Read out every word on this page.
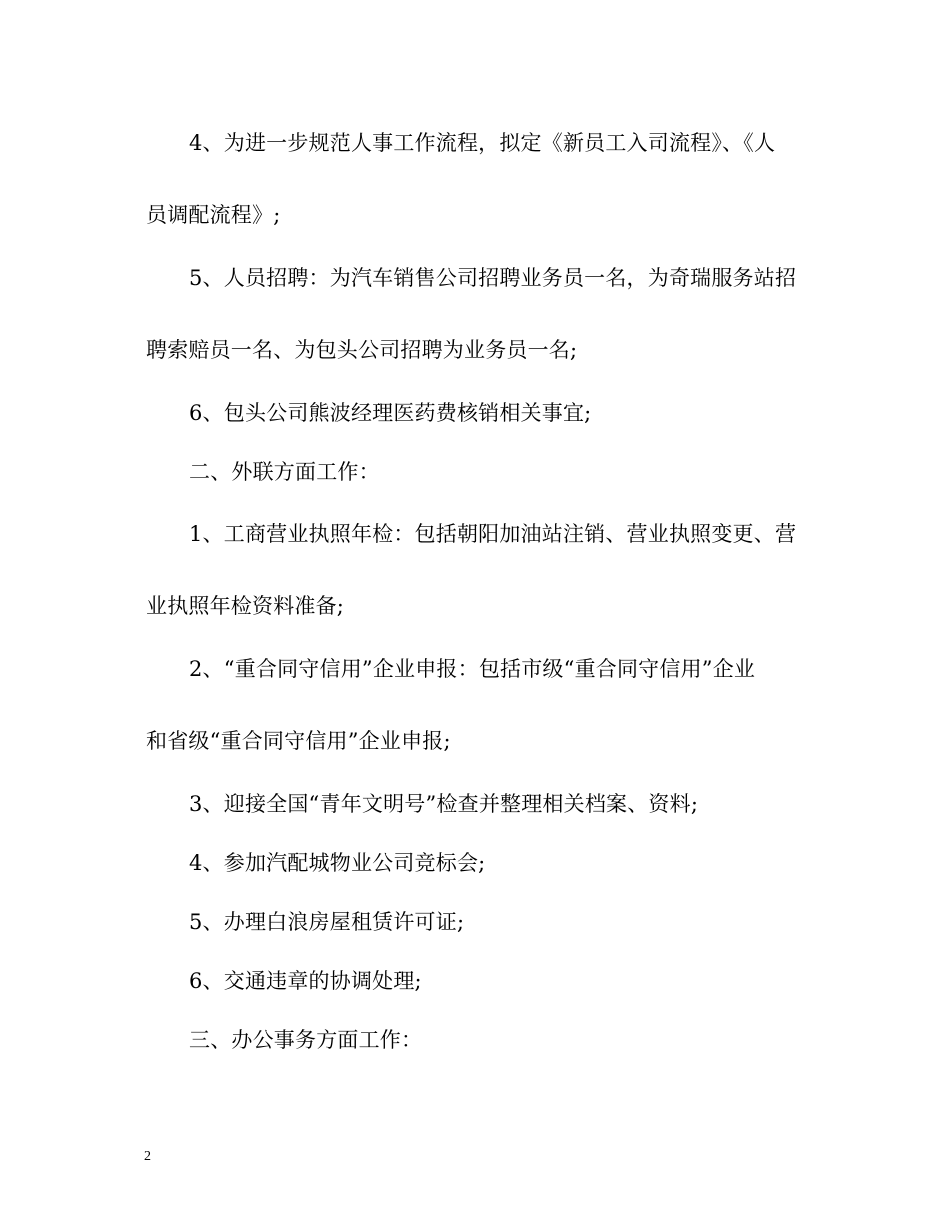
4、为进一步规范人事工作流程，拟定《新员工入司流程》、《人
员调配流程》;
5、人员招聘：为汽车销售公司招聘业务员一名，为奇瑞服务站招
聘索赔员一名、为包头公司招聘为业务员一名;
6、包头公司熊波经理医药费核销相关事宜;
二、外联方面工作：
1、工商营业执照年检：包括朝阳加油站注销、营业执照变更、营
业执照年检资料准备;
2、“重合同守信用”企业申报：包括市级“重合同守信用”企业
和省级“重合同守信用”企业申报;
3、迎接全国“青年文明号”检查并整理相关档案、资料;
4、参加汽配城物业公司竞标会;
5、办理白浪房屋租赁许可证;
6、交通违章的协调处理;
三、办公事务方面工作：
2
